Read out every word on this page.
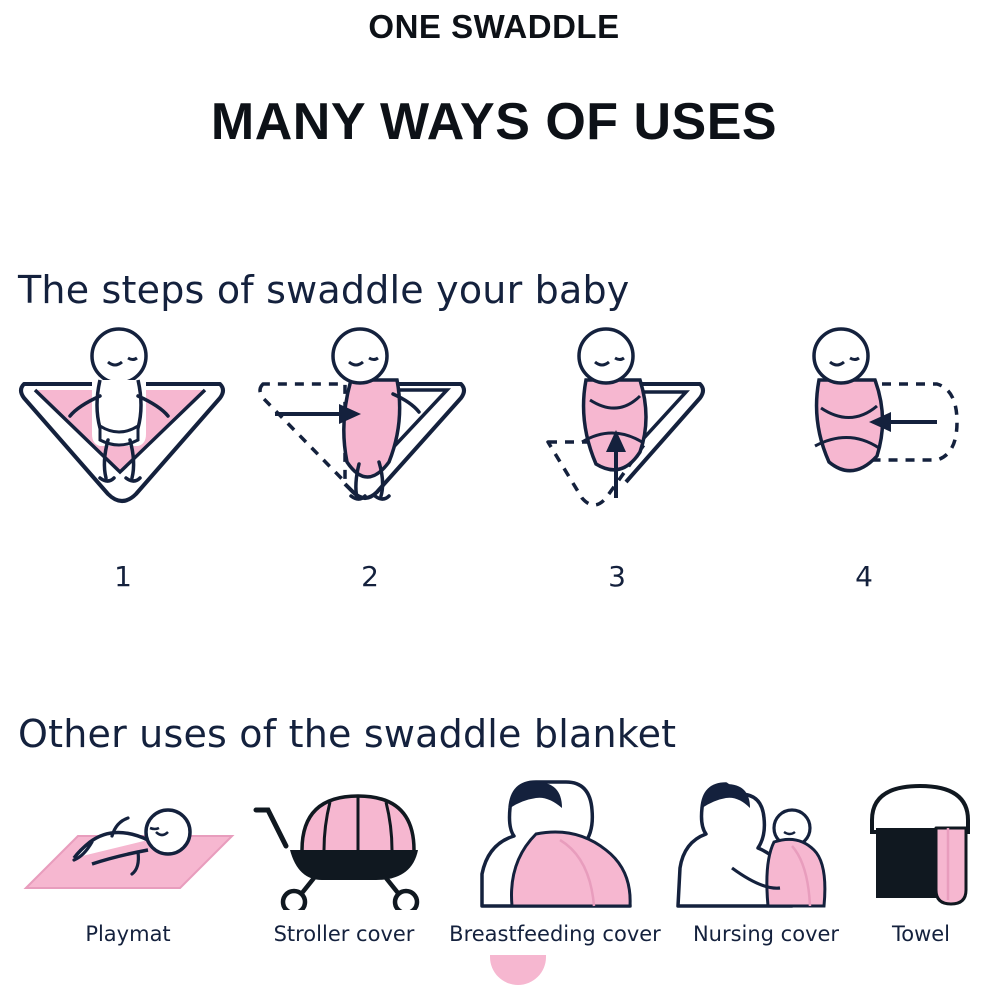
ONE SWADDLE
MANY WAYS OF USES
The steps of swaddle your baby
1	2	3	4
Other uses of the swaddle blanket
Playmat	Stroller cover	Breastfeeding cover	Nursing cover	Towel
